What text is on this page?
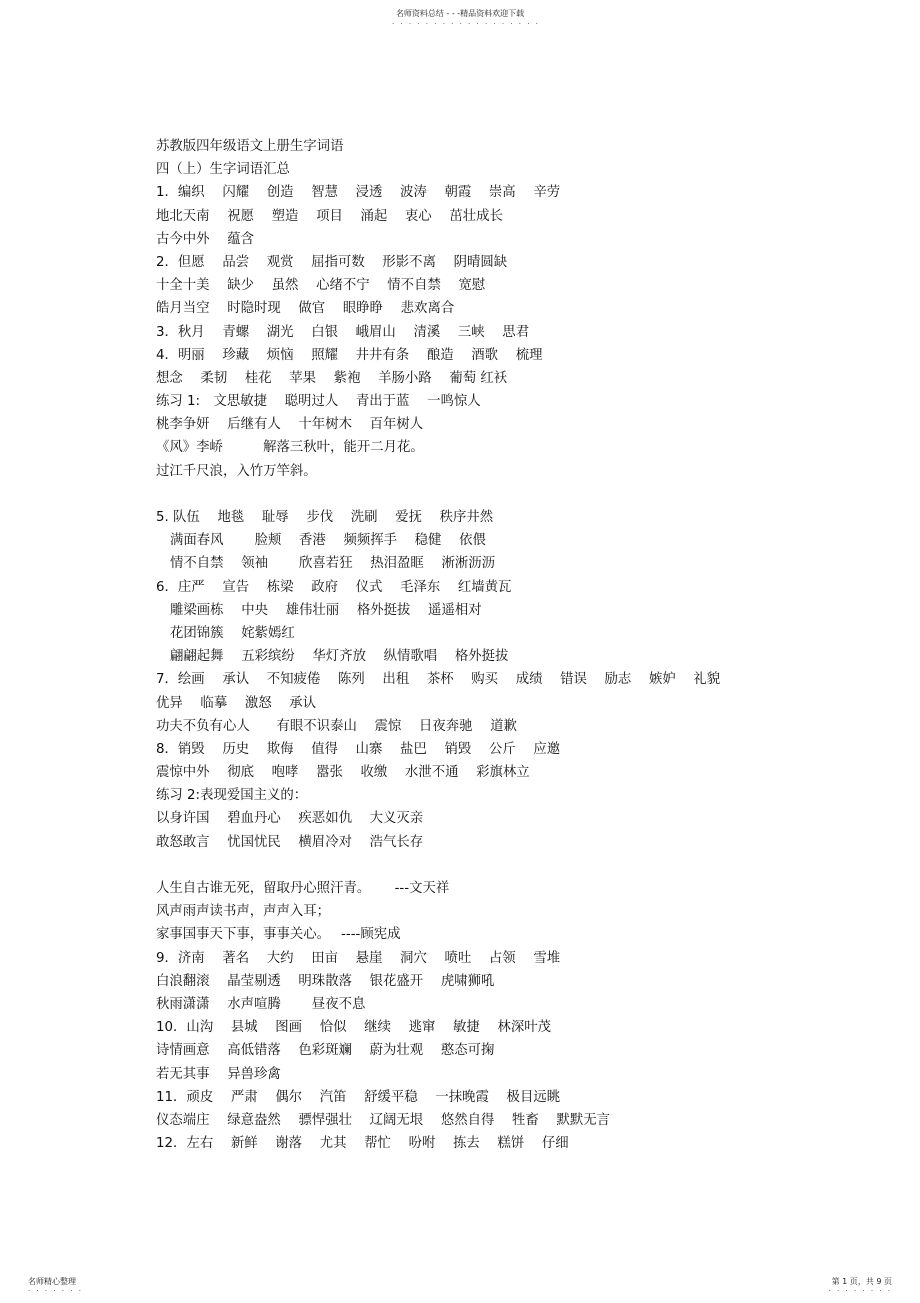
名师资料总结 - - -精品资料欢迎下载
· · · · · · · · · · · · · · · · · ·
苏教版四年级语文上册生字词语
四（上）生字词语汇总
1．编织　 闪耀　 创造　 智慧　 浸透　 波涛　 朝霞　 崇高　 辛劳
地北天南　 祝愿　 塑造　 项目　 涌起　 衷心　 茁壮成长
古今中外　 蕴含
2．但愿　 品尝　 观赏　 屈指可数　 形影不离　 阴晴圆缺
十全十美　 缺少　 虽然　 心绪不宁　 情不自禁　 宽慰
皓月当空　 时隐时现　 做官　 眼睁睁　 悲欢离合
3．秋月　 青螺　 湖光　 白银　 峨眉山　 清溪　 三峡　 思君
4．明丽　 珍藏　 烦恼　 照耀　 井井有条　 酿造　 酒歌　 梳理
想念　 柔韧　 桂花　 苹果　 紫袍　 羊肠小路　 葡萄 红袄
练习 1:　文思敏捷　 聪明过人　 青出于蓝　 一鸣惊人
桃李争妍　 后继有人　 十年树木　 百年树人
《风》李峤　　　解落三秋叶，能开二月花。
过江千尺浪，入竹万竿斜。
5. 队伍　 地毯　 耻辱　 步伐　 洗刷　 爱抚　 秩序井然
满面春风　　 脸颊　 香港　 频频挥手　 稳健　 依偎
情不自禁　 领袖　　 欣喜若狂　 热泪盈眶　 淅淅沥沥
6．庄严　 宣告　 栋梁　 政府　 仪式　 毛泽东　 红墙黄瓦
雕梁画栋　 中央　 雄伟壮丽　 格外挺拔　 遥遥相对
花团锦簇　 姹紫嫣红
翩翩起舞　 五彩缤纷　 华灯齐放　 纵情歌唱　 格外挺拔
7．绘画　 承认　 不知疲倦　 陈列　 出租　 茶杯　 购买　 成绩　 错误　 励志　 嫉妒　 礼貌
优异　 临摹　 激怒　 承认
功夫不负有心人　　有眼不识泰山　 震惊　 日夜奔驰　 道歉
8．销毁　 历史　 欺侮　 值得　 山寨　 盐巴　 销毁　 公斤　 应邀
震惊中外　 彻底　 咆哮　 嚣张　 收缴　 水泄不通　 彩旗林立
练习 2:表现爱国主义的：
以身许国　 碧血丹心　 疾恶如仇　 大义灭亲
敢怒敢言　 忧国忧民　 横眉冷对　 浩气长存
人生自古谁无死，留取丹心照汗青。　　 ---文天祥
风声雨声读书声，声声入耳；
家事国事天下事，事事关心。　 ----顾宪成
9．济南　 著名　 大约　 田亩　 悬崖　 洞穴　 喷吐　 占领　 雪堆
白浪翻滚　 晶莹剔透　 明珠散落　 银花盛开　 虎啸狮吼
秋雨潇潇　 水声喧腾　　 昼夜不息
10．山沟　 县城　 图画　 恰似　 继续　 逃窜　 敏捷　 林深叶茂
诗情画意　 高低错落　 色彩斑斓　 蔚为壮观　 憨态可掬
若无其事　 异兽珍禽
11．顽皮　 严肃　 偶尔　 汽笛　 舒缓平稳　 一抹晚霞　 极目远眺
仪态端庄　 绿意盎然　 骠悍强壮　 辽阔无垠　 悠然自得　 牲畜　 默默无言
12．左右　 新鲜　 谢落　 尤其　 帮忙　 吩咐　 拣去　 糕饼　 仔细
名师精心整理
· · · · · · ·
第 1 页，共 9 页
· · · · · · · ·
